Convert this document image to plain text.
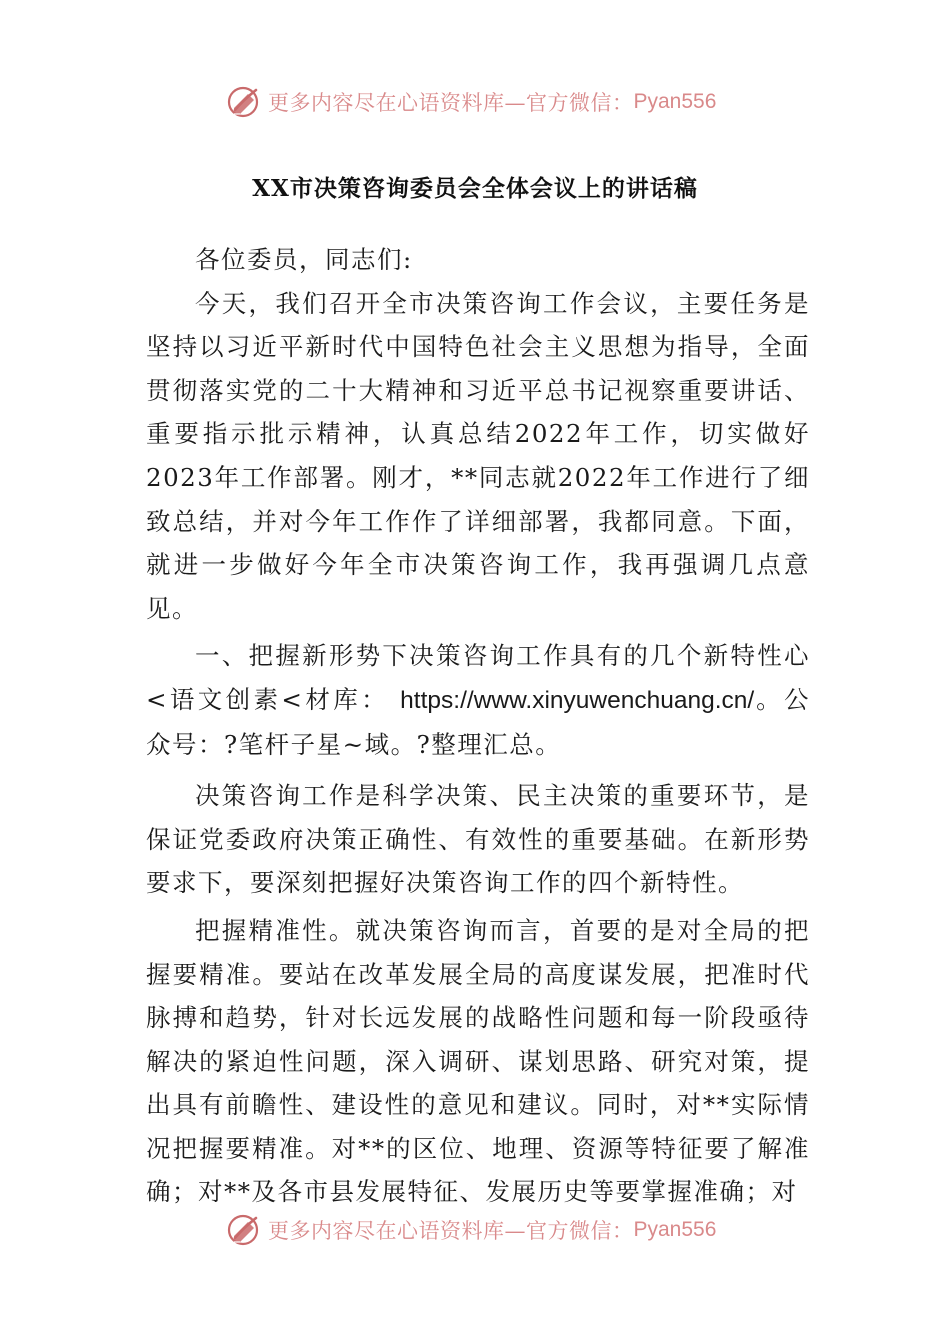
更多内容尽在心语资料库—官方微信： Pyan556
XX市决策咨询委员会全体会议上的讲话稿

各位委员，同志们:

今天，我们召开全市决策咨询工作会议，主要任务是坚持以习近平新时代中国特色社会主义思想为指导，全面贯彻落实党的二十大精神和习近平总书记视察重要讲话、重要指示批示精神，认真总结2022年工作，切实做好2023年工作部署。刚才，**同志就2022年工作进行了细致总结，并对今年工作作了详细部署，我都同意。下面，就进一步做好今年全市决策咨询工作，我再强调几点意见。

一、把握新形势下决策咨询工作具有的几个新特性心<语文创素<材库： https://www.xinyuwenchuang.cn/。公众号：?笔杆子星~域。?整理汇总。

决策咨询工作是科学决策、民主决策的重要环节，是保证党委政府决策正确性、有效性的重要基础。在新形势要求下，要深刻把握好决策咨询工作的四个新特性。

把握精准性。就决策咨询而言，首要的是对全局的把握要精准。要站在改革发展全局的高度谋发展，把准时代脉搏和趋势，针对长远发展的战略性问题和每一阶段亟待解决的紧迫性问题，深入调研、谋划思路、研究对策，提出具有前瞻性、建设性的意见和建议。同时，对**实际情况把握要精准。对**的区位、地理、资源等特征要了解准确；对**及各市县发展特征、发展历史等要掌握准确；对

更多内容尽在心语资料库—官方微信： Pyan556
